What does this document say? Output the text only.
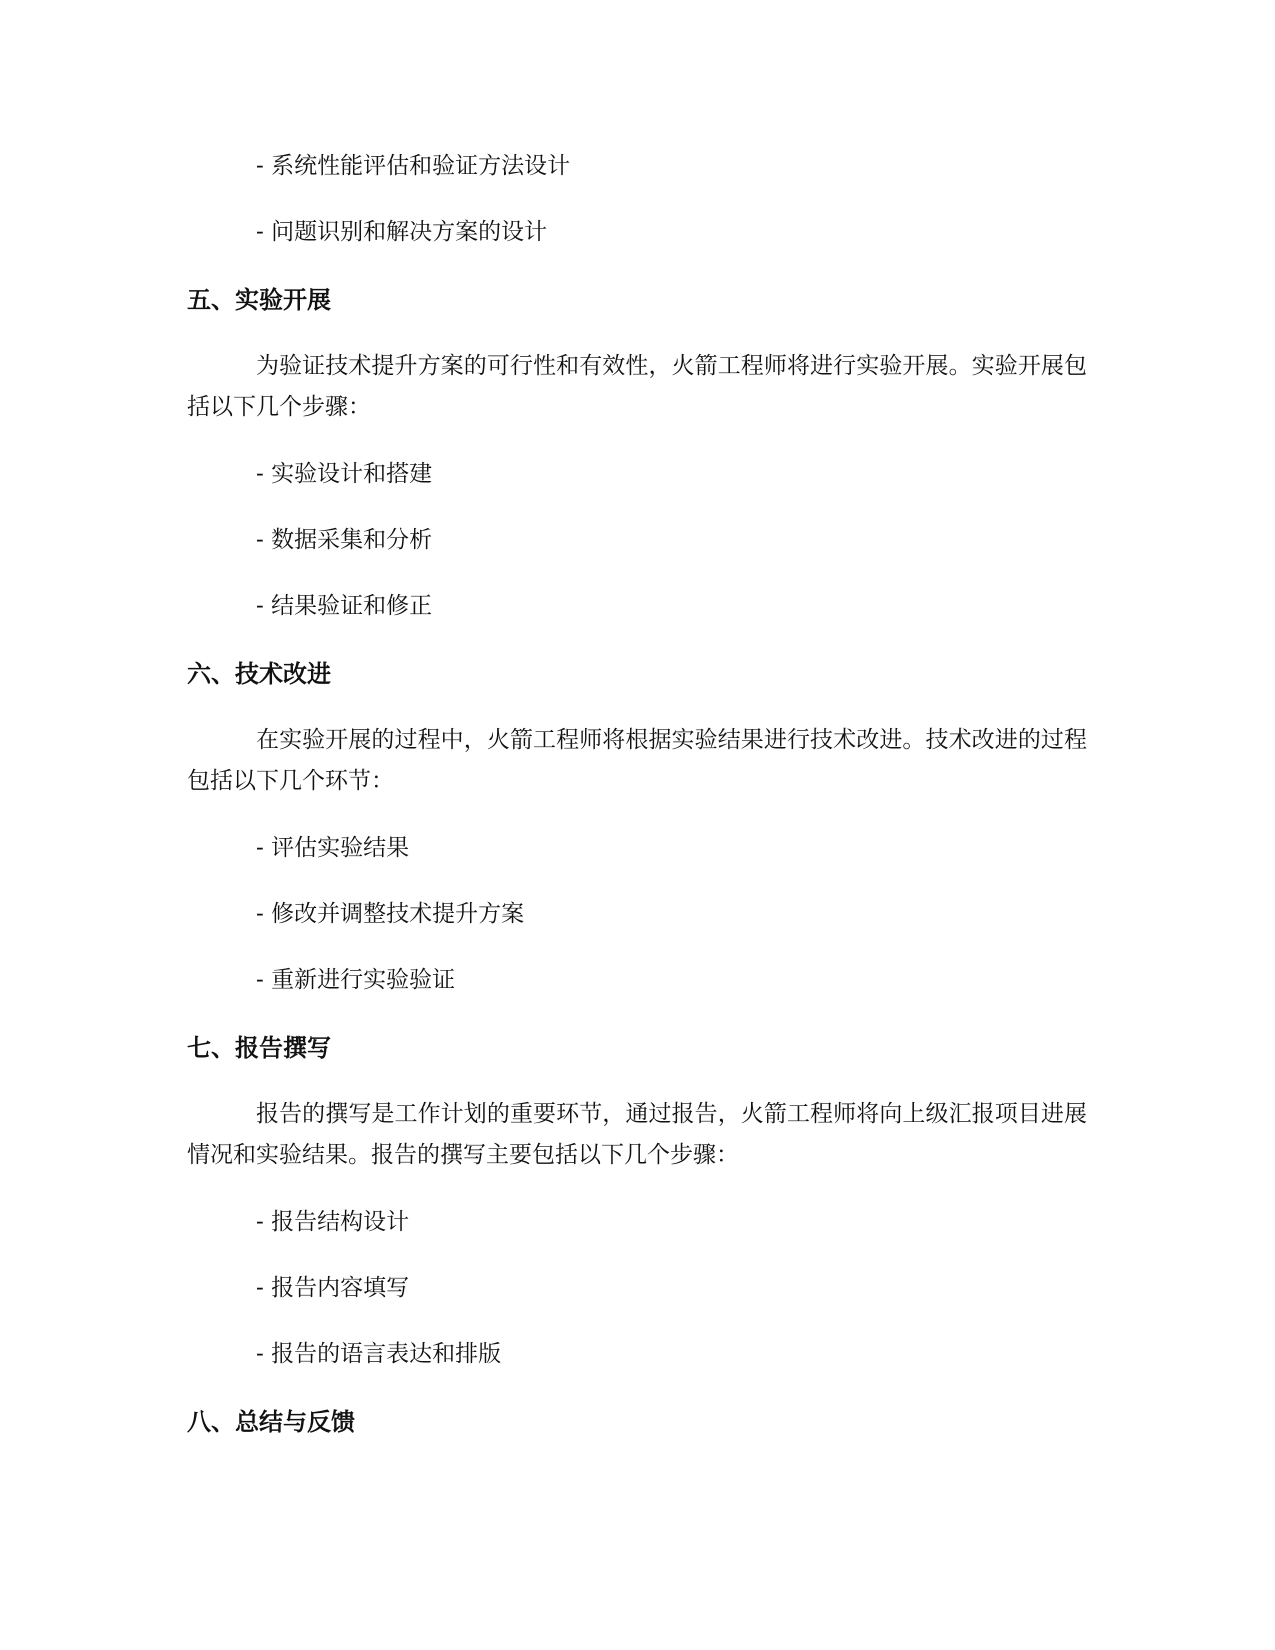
- 系统性能评估和验证方法设计

- 问题识别和解决方案的设计

五、实验开展

为验证技术提升方案的可行性和有效性，火箭工程师将进行实验开展。实验开展包括以下几个步骤：

- 实验设计和搭建

- 数据采集和分析

- 结果验证和修正

六、技术改进

在实验开展的过程中，火箭工程师将根据实验结果进行技术改进。技术改进的过程包括以下几个环节：

- 评估实验结果

- 修改并调整技术提升方案

- 重新进行实验验证

七、报告撰写

报告的撰写是工作计划的重要环节，通过报告，火箭工程师将向上级汇报项目进展情况和实验结果。报告的撰写主要包括以下几个步骤：

- 报告结构设计

- 报告内容填写

- 报告的语言表达和排版

八、总结与反馈
